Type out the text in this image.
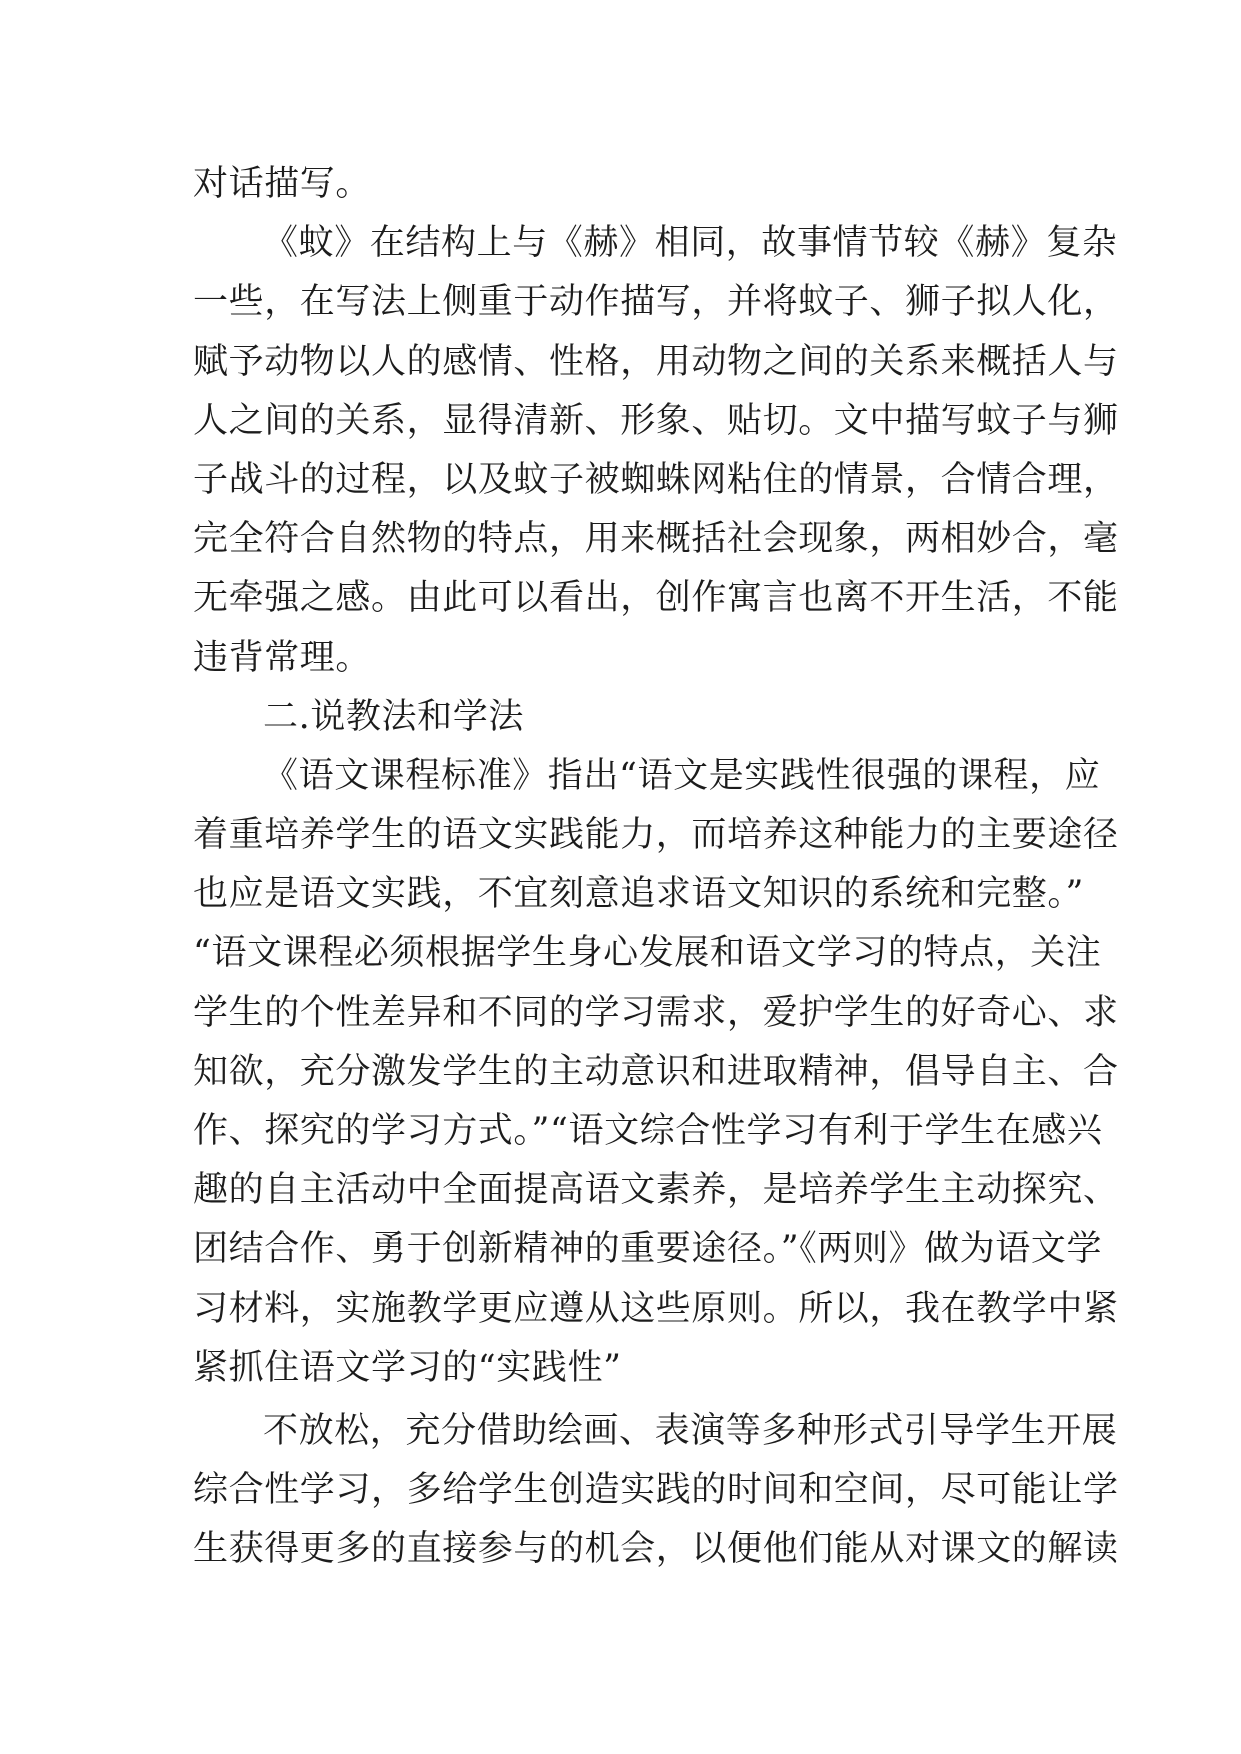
对话描写。
《蚊》在结构上与《赫》相同，故事情节较《赫》复杂
一些，在写法上侧重于动作描写，并将蚊子、狮子拟人化，
赋予动物以人的感情、性格，用动物之间的关系来概括人与
人之间的关系，显得清新、形象、贴切。文中描写蚊子与狮
子战斗的过程，以及蚊子被蜘蛛网粘住的情景，合情合理，
完全符合自然物的特点，用来概括社会现象，两相妙合，毫
无牵强之感。由此可以看出，创作寓言也离不开生活，不能
违背常理。
二.说教法和学法
《语文课程标准》指出“语文是实践性很强的课程，应
着重培养学生的语文实践能力，而培养这种能力的主要途径
也应是语文实践，不宜刻意追求语文知识的系统和完整。”
“语文课程必须根据学生身心发展和语文学习的特点，关注
学生的个性差异和不同的学习需求，爱护学生的好奇心、求
知欲，充分激发学生的主动意识和进取精神，倡导自主、合
作、探究的学习方式。”“语文综合性学习有利于学生在感兴
趣的自主活动中全面提高语文素养，是培养学生主动探究、
团结合作、勇于创新精神的重要途径。”《两则》做为语文学
习材料，实施教学更应遵从这些原则。所以，我在教学中紧
紧抓住语文学习的“实践性”
不放松，充分借助绘画、表演等多种形式引导学生开展
综合性学习，多给学生创造实践的时间和空间，尽可能让学
生获得更多的直接参与的机会，以便他们能从对课文的解读
